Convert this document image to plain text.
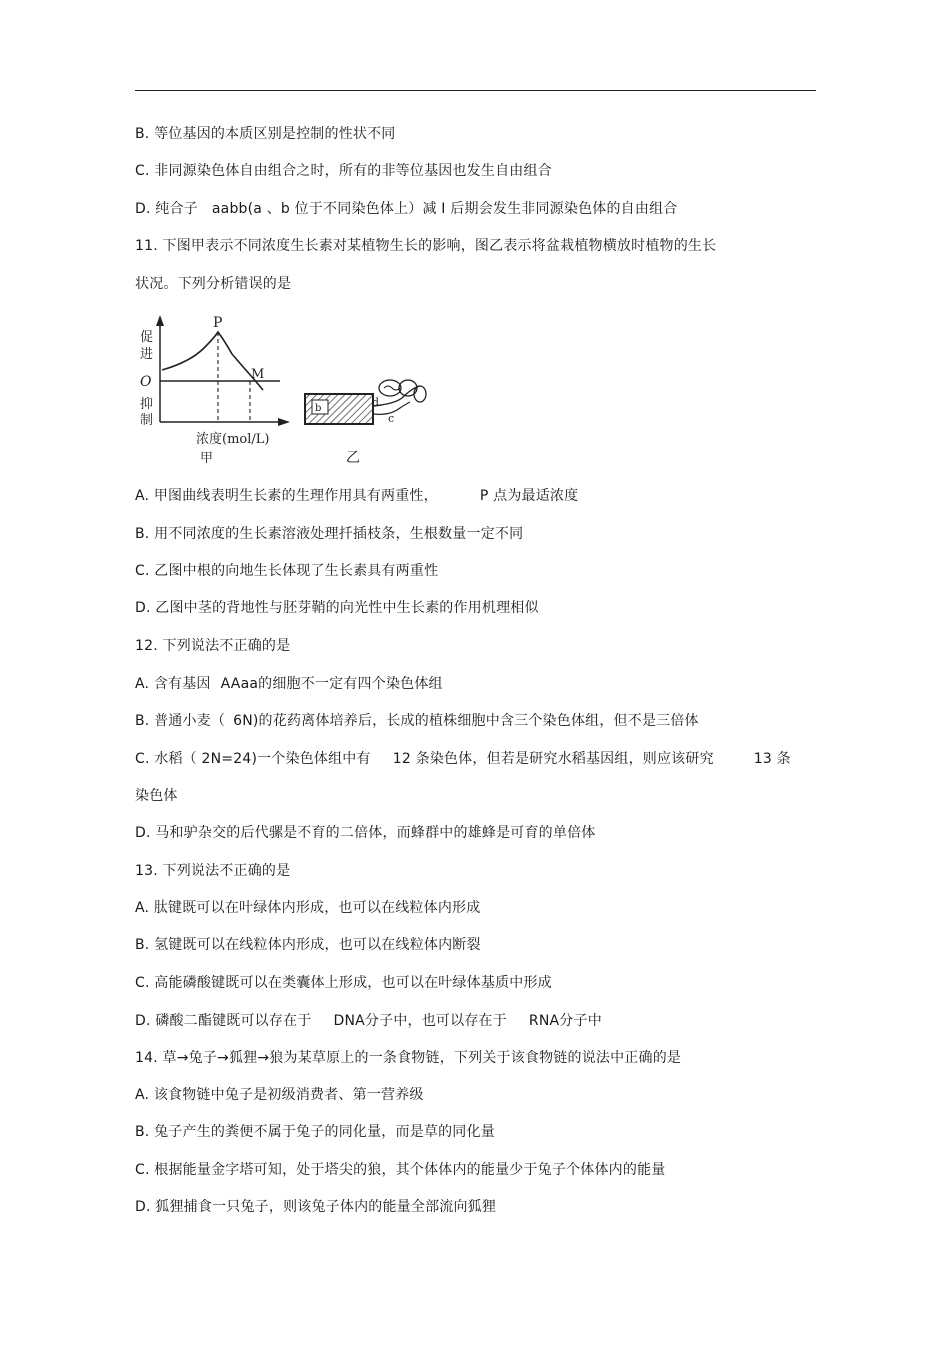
B. 等位基因的本质区别是控制的性状不同
C. 非同源染色体自由组合之时，所有的非等位基因也发生自由组合
D. 纯合子 aabb(a 、b 位于不同染色体上）减 I 后期会发生非同源染色体的自由组合
11. 下图甲表示不同浓度生长素对某植物生长的影响，图乙表示将盆栽植物横放时植物的生长
状况。下列分析错误的是
P
M
促
进
O
抑
制
浓度(mol/L)
甲
b	d
c
乙
A. 甲图曲线表明生长素的生理作用具有两重性，	P 点为最适浓度
B. 用不同浓度的生长素溶液处理扦插枝条，生根数量一定不同
C. 乙图中根的向地生长体现了生长素具有两重性
D. 乙图中茎的背地性与胚芽鞘的向光性中生长素的作用机理相似
12. 下列说法不正确的是
A. 含有基因 AAaa的细胞不一定有四个染色体组
B. 普通小麦（ 6N)的花药离体培养后，长成的植株细胞中含三个染色体组，但不是三倍体
C. 水稻（ 2N=24)一个染色体组中有 12 条染色体，但若是研究水稻基因组，则应该研究	13 条
染色体
D. 马和驴杂交的后代骡是不育的二倍体，而蜂群中的雄蜂是可育的单倍体
13. 下列说法不正确的是
A. 肽键既可以在叶绿体内形成，也可以在线粒体内形成
B. 氢键既可以在线粒体内形成，也可以在线粒体内断裂
C. 高能磷酸键既可以在类囊体上形成，也可以在叶绿体基质中形成
D. 磷酸二酯键既可以存在于 DNA分子中，也可以存在于 RNA分子中
14. 草→兔子→狐狸→狼为某草原上的一条食物链，下列关于该食物链的说法中正确的是
A. 该食物链中兔子是初级消费者、第一营养级
B. 兔子产生的粪便不属于兔子的同化量，而是草的同化量
C. 根据能量金字塔可知，处于塔尖的狼，其个体体内的能量少于兔子个体体内的能量
D. 狐狸捕食一只兔子，则该兔子体内的能量全部流向狐狸
